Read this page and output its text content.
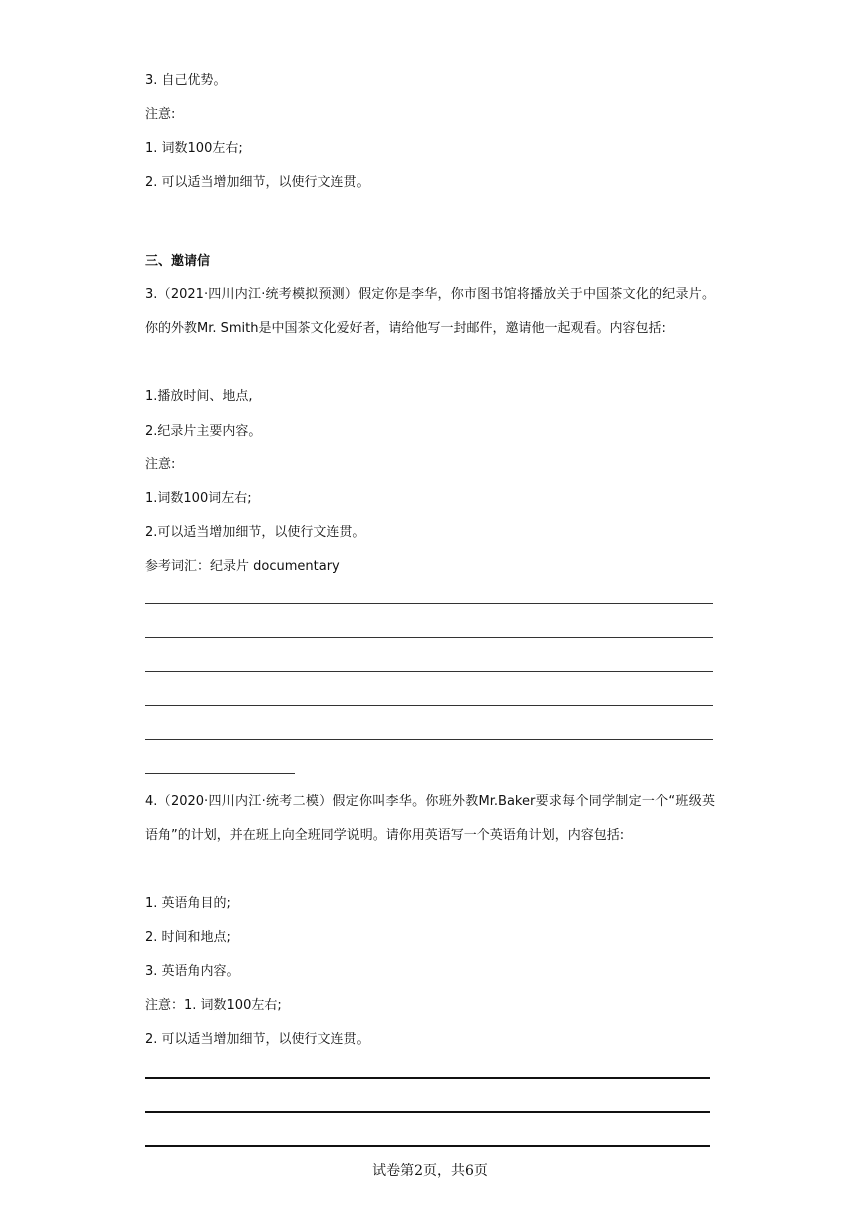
3. 自己优势。
注意:
1. 词数100左右;
2. 可以适当增加细节，以使行文连贯。
三、邀请信
3.（2021·四川内江·统考模拟预测）假定你是李华，你市图书馆将播放关于中国茶文化的纪录片。你的外教Mr. Smith是中国茶文化爱好者，请给他写一封邮件，邀请他一起观看。内容包括:
1.播放时间、地点,
2.纪录片主要内容。
注意:
1.词数100词左右;
2.可以适当增加细节，以使行文连贯。
参考词汇：纪录片 documentary
4.（2020·四川内江·统考二模）假定你叫李华。你班外教Mr.Baker要求每个同学制定一个“班级英语角”的计划，并在班上向全班同学说明。请你用英语写一个英语角计划，内容包括:
1. 英语角目的;
2. 时间和地点;
3. 英语角内容。
注意：1. 词数100左右;
2. 可以适当增加细节，以使行文连贯。
试卷第2页，共6页
